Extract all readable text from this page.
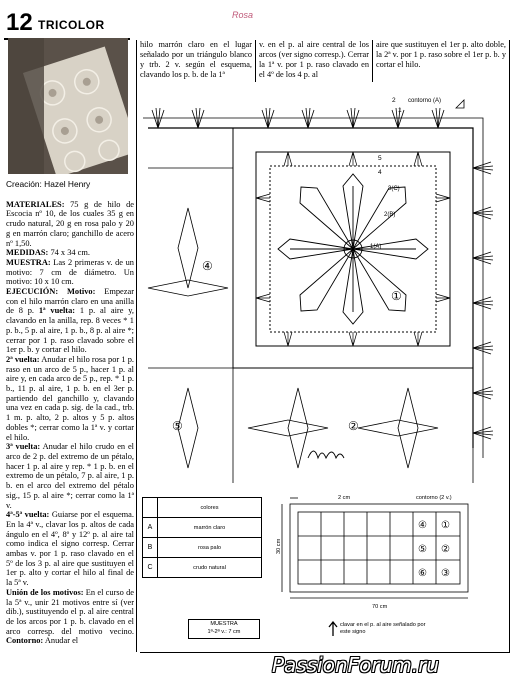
12 TRICOLOR
Rosa

Creación: Hazel Henry

MATERIALES: 75 g de hilo de Escocia nº 10, de los cuales 35 g en crudo natural, 20 g en rosa palo y 20 g en marrón claro; ganchillo de acero nº 1,50.

MEDIDAS: 74 x 34 cm.

MUESTRA: Las 2 primeras v. de un motivo: 7 cm de diámetro. Un motivo: 10 x 10 cm.

EJECUCIÓN: Motivo: Empezar con el hilo marrón claro en una anilla de 8 p. 1ª vuelta: 1 p. al aire y, clavando en la anilla, rep. 8 veces * 1 p. b., 5 p. al aire, 1 p. b., 8 p. al aire *; cerrar por 1 p. raso clavado sobre el 1er p. b. y cortar el hilo.

2ª vuelta: Anudar el hilo rosa por 1 p. raso en un arco de 5 p., hacer 1 p. al aire y, en cada arco de 5 p., rep. * 1 p. b., 11 p. al aire, 1 p. b. en el 3er p. partiendo del ganchillo y, clavando una vez en cada p. sig. de la cad., trb. 1 m. p. alto, 2 p. altos y 5 p. altos dobles *; cerrar como la 1ª v. y cortar el hilo.

3ª vuelta: Anudar el hilo crudo en el arco de 2 p. del extremo de un pétalo, hacer 1 p. al aire y rep. * 1 p. b. en el extremo de un pétalo, 7 p. al aire, 1 p. b. en el arco del extremo del pétalo sig., 15 p. al aire *; cerrar como la 1ª v.

4ª-5ª vuelta: Guiarse por el esquema. En la 4ª v., clavar los p. altos de cada ángulo en el 4º, 8º y 12º p. al aire tal como indica el signo corresp. Cerrar ambas v. por 1 p. raso clavado en el 5º de los 3 p. al aire que sustituyen el 1er p. alto y cortar el hilo al final de la 5ª v.

Unión de los motivos: En el curso de la 5ª v., unir 21 motivos entre sí (ver dib.), sustituyendo el p. al aire central de los arcos por 1 p. b. clavado en el arco corresp. del motivo vecino. Contorno: Anudar el

hilo marrón claro en el lugar señalado por un triángulo blanco y trb. 2 v. según el esquema, clavando los p. b. de la 1ª

v. en el p. al aire central de los arcos (ver signo corresp.). Cerrar la 1ª v. por 1 p. raso clavado en el 4º de los 4 p. al

aire que sustituyen el 1er p. alto doble, la 2ª v. por 1 p. raso sobre el 1er p. b. y cortar el hilo.

contorno (A)
2
1
5
4
3(C)
2(B)
1(A)
①
②
④
⑤
	colores
A	marrón claro
B	rosa palo
C	crudo natural
2 cm	contorno (2 v.)
30 cm
70 cm
④ ①
⑤ ②
⑥ ③
MUESTRA
1ª-2ª v.: 7 cm
clavar en el p. al aire señalado por este signo
PassionForum.ru
